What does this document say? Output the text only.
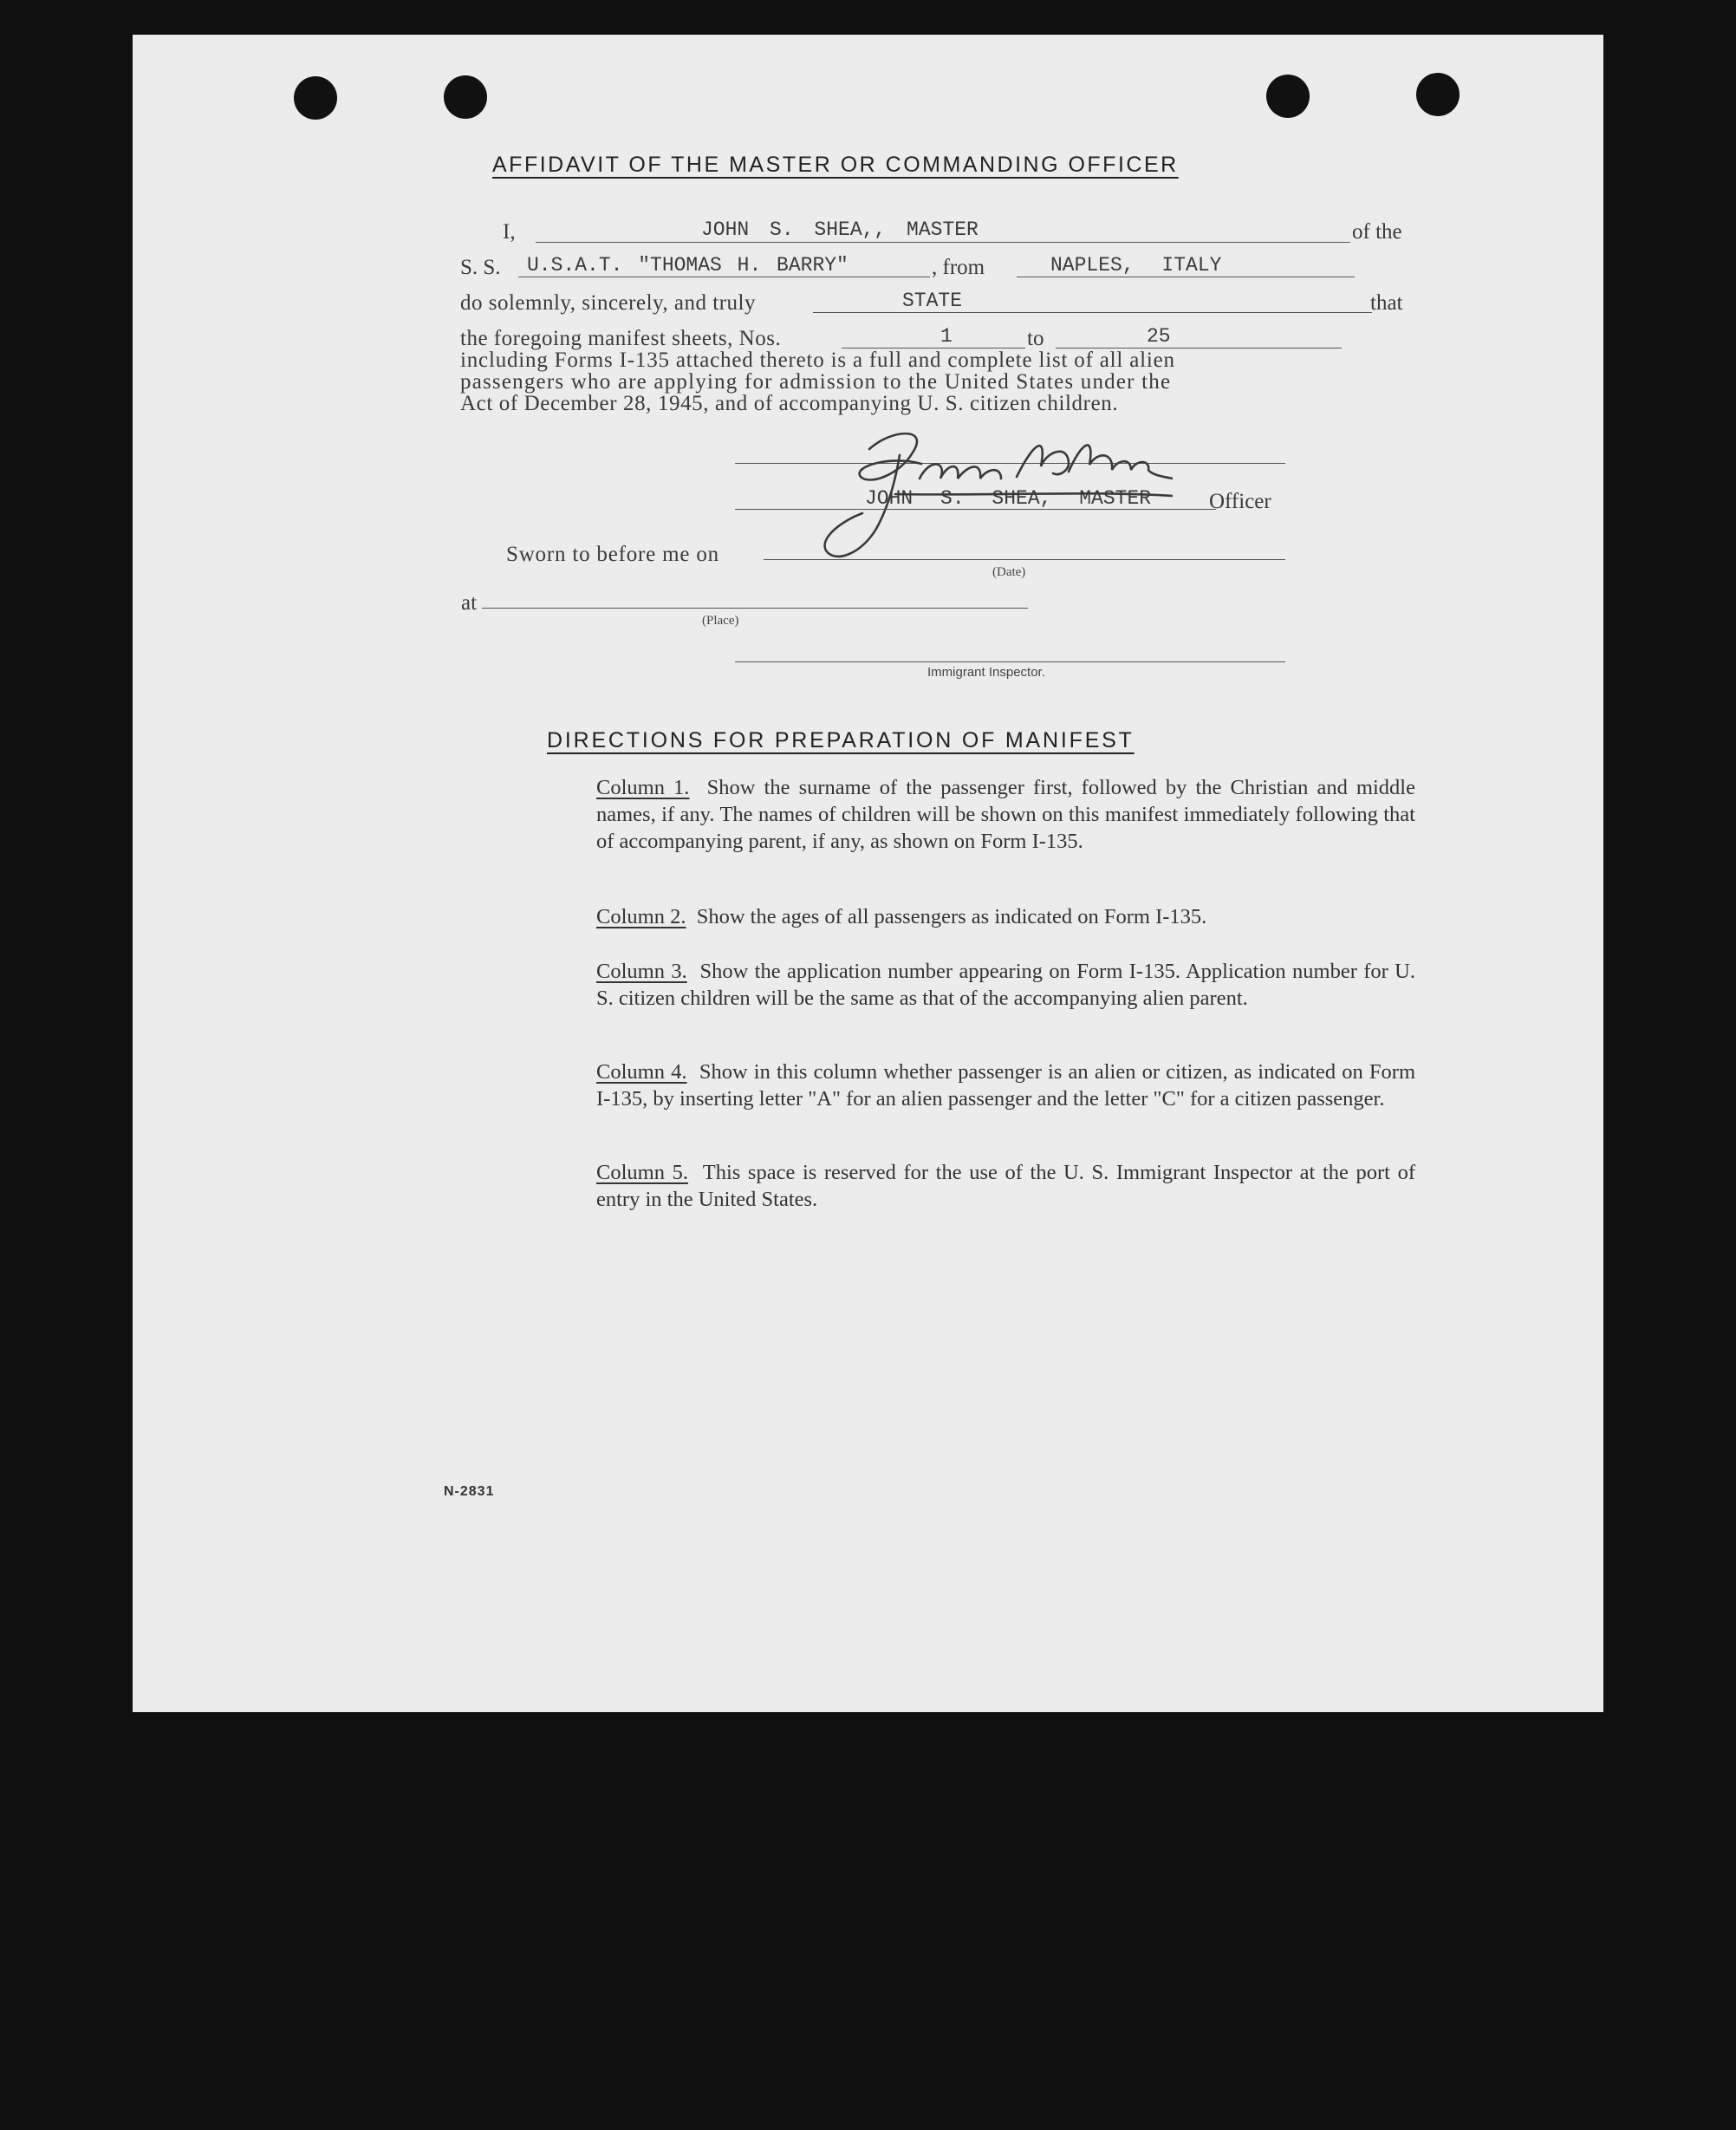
AFFIDAVIT OF THE MASTER OR COMMANDING OFFICER
I,	JOHN S. SHEA,, MASTER	of the
S. S. U.S.A.T. "THOMAS H. BARRY"	, from	NAPLES, ITALY
do solemnly, sincerely, and truly	STATE	that
the foregoing manifest sheets, Nos.	1	to	25
including Forms I-135 attached thereto is a full and complete list of all alien
passengers who are applying for admission to the United States under the
Act of December 28, 1945, and of accompanying U. S. citizen children.
JOHN S. SHEA, MASTER	Officer
Sworn to before me on
(Date)
at
(Place)
Immigrant Inspector.
DIRECTIONS FOR PREPARATION OF MANIFEST

Column 1. Show the surname of the passenger first, followed by the Christian and middle names, if any. The names of children will be shown on this manifest immediately following that of accompanying parent, if any, as shown on Form I-135.

Column 2. Show the ages of all passengers as indicated on Form I-135.

Column 3. Show the application number appearing on Form I-135. Application number for U. S. citizen children will be the same as that of the accompanying alien parent.

Column 4. Show in this column whether passenger is an alien or citizen, as indicated on Form I-135, by inserting letter "A" for an alien passenger and the letter "C" for a citizen passenger.

Column 5. This space is reserved for the use of the U. S. Immigrant Inspector at the port of entry in the United States.

N-2831
